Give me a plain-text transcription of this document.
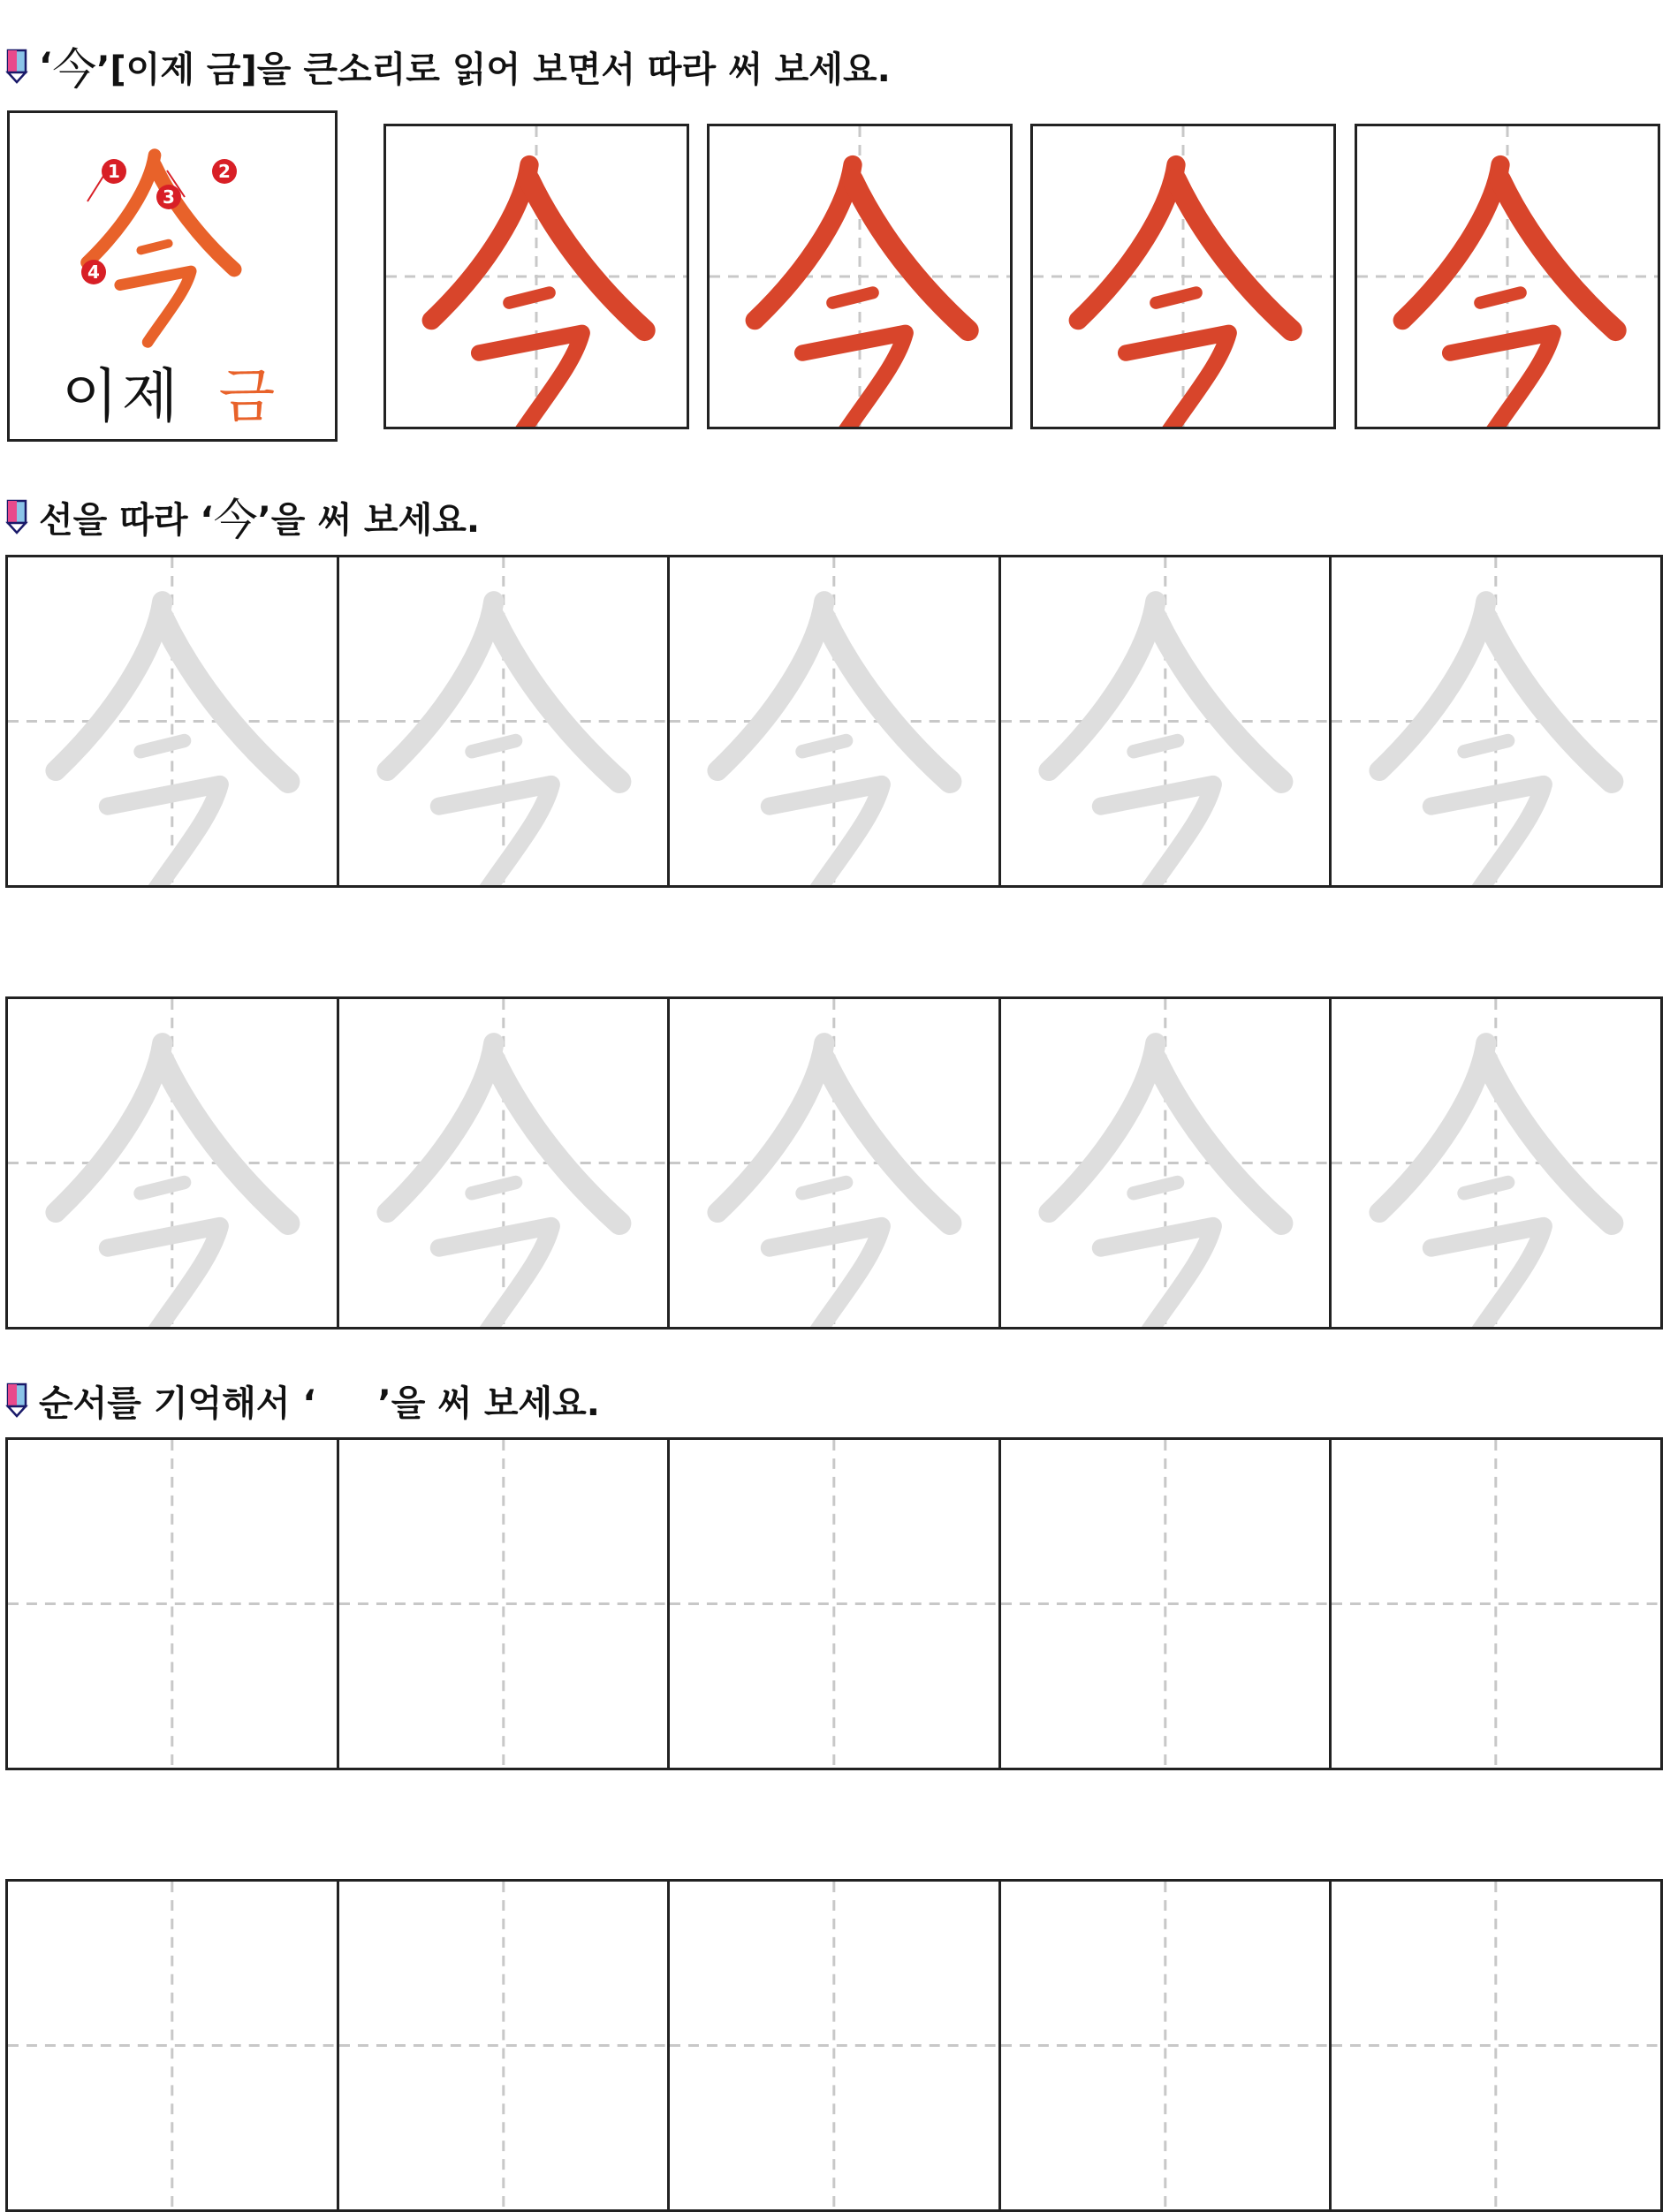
‘ 今 ’[이제 금]을 큰소리로 읽어 보면서 따라 써 보세요.
1	2
3
4
이제 금
선을 따라 ‘ 今 ’을 써 보세요.
순서를 기억해서 ‘ ’을 써 보세요.
